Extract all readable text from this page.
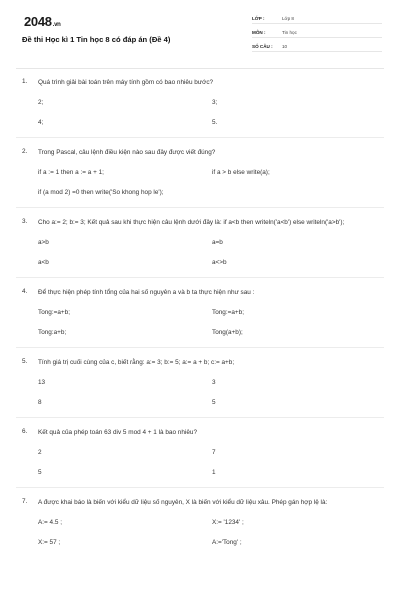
2048.vn
Đề thi Học kì 1 Tin học 8 có đáp án (Đề 4)
LỚP :	Lớp 8
MÔN :	Tin học
SỐ CÂU :	10
1.	Quá trình giải bài toán trên máy tính gồm có bao nhiêu bước?
2;	3;
4;	5.
2.	Trong Pascal, câu lệnh điều kiện nào sau đây được viết đúng?
if a := 1 then a := a + 1;	if a > b else write(a);
if (a mod 2) =0 then write('So khong hop le');
3.	Cho a:= 2; b:= 3; Kết quả sau khi thực hiện câu lệnh dưới đây là: if a<b then writeln('a<b') else writeln('a>b');
a>b	a=b
a<b	a<>b
4.	Để thực hiện phép tính tổng của hai số nguyên a và b ta thực hiện như sau :
Tong:=a+b;	Tong:=a+b;
Tong:a+b;	Tong(a+b);
5.	Tính giá trị cuối cùng của c, biết rằng: a:= 3; b:= 5; a:= a + b; c:= a+b;
13	3
8	5
6.	Kết quả của phép toán 63 div 5 mod 4 + 1 là bao nhiêu?
2	7
5	1
7.	A được khai báo là biến với kiểu dữ liệu số nguyên, X là biến với kiểu dữ liệu xâu. Phép gán hợp lệ là:
A:= 4.5 ;	X:= '1234' ;
X:= 57 ;	A:='Tong' ;
